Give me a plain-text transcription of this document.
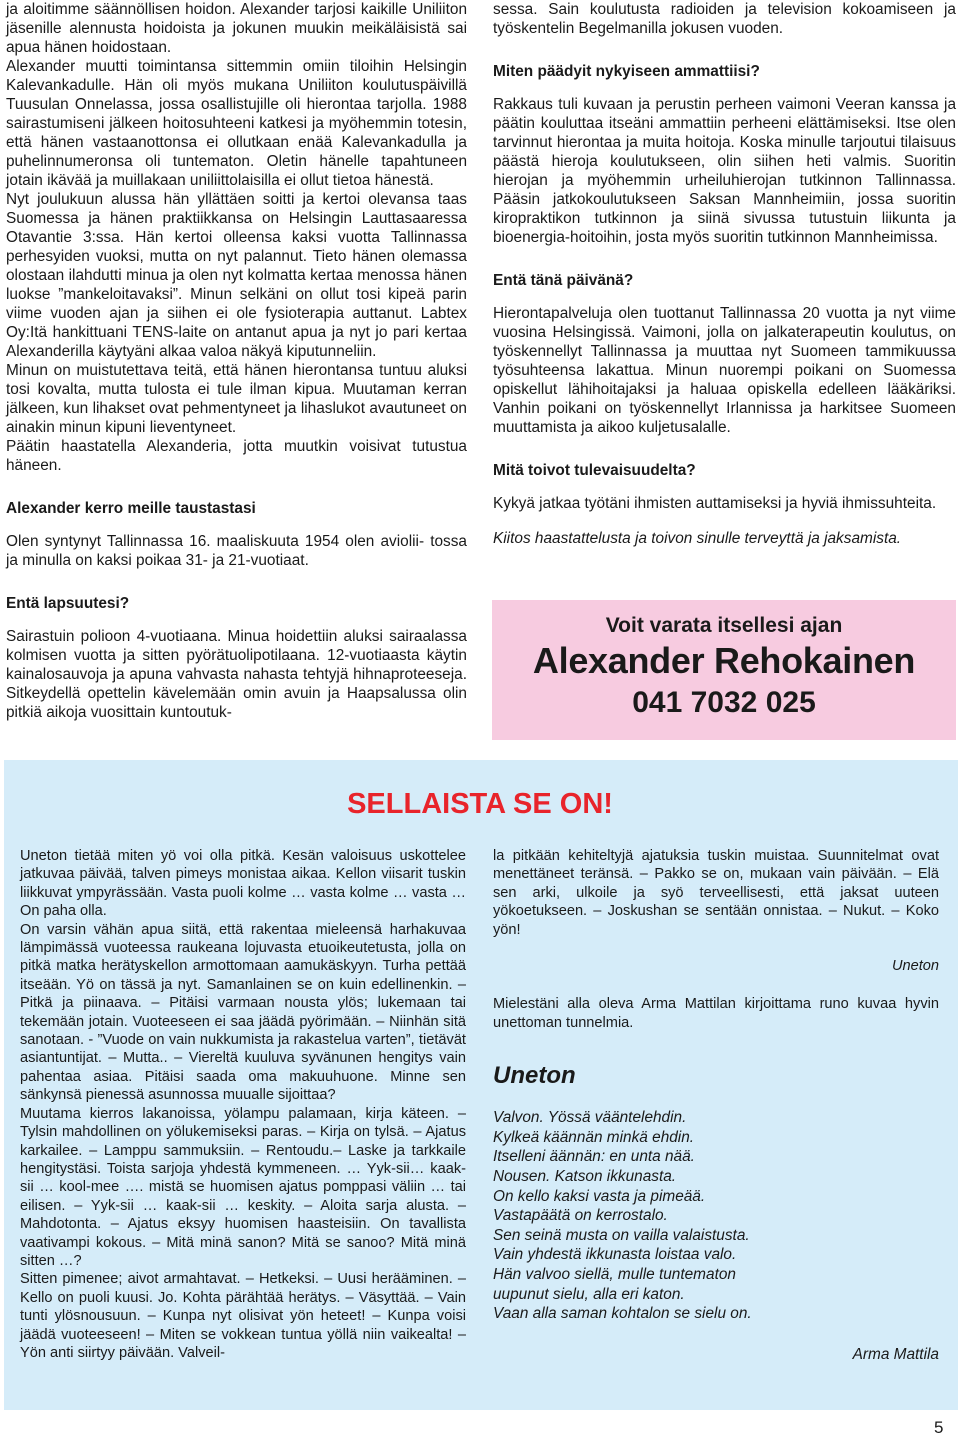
ja aloitimme säännöllisen hoidon. Alexander tarjosi kaikille Uniliiton jäsenille alennusta hoidoista ja jokunen muukin meikäläisistä sai apua hänen hoidostaan.

Alexander muutti toimintansa sittemmin omiin tiloihin Helsingin Kalevankadulle. Hän oli myös mukana Uniliiton koulutuspäivillä Tuusulan Onnelassa, jossa osallistujille oli hierontaa tarjolla. 1988 sairastumiseni jälkeen hoitosuhteeni katkesi ja myöhemmin totesin, että hänen vastaanottonsa ei ollutkaan enää Kalevankadulla ja puhelinnumeronsa oli tuntematon. Oletin hänelle tapahtuneen jotain ikävää ja muillakaan uniliittolaisilla ei ollut tietoa hänestä.

Nyt joulukuun alussa hän yllättäen soitti ja kertoi olevansa taas Suomessa ja hänen praktiikkansa on Helsingin Lauttasaaressa Otavantie 3:ssa. Hän kertoi olleensa kaksi vuotta Tallinnassa perhesyiden vuoksi, mutta on nyt palannut. Tieto hänen olemassa olostaan ilahdutti minua ja olen nyt kolmatta kertaa menossa hänen luokse ”mankeloitavaksi”. Minun selkäni on ollut tosi kipeä parin viime vuoden ajan ja siihen ei ole fysioterapia auttanut. Labtex Oy:Itä hankittuani TENS-laite on antanut apua ja nyt jo pari kertaa Alexanderilla käytyäni alkaa valoa näkyä kiputunneliin.

Minun on muistutettava teitä, että hänen hierontansa tuntuu aluksi tosi kovalta, mutta tulosta ei tule ilman kipua. Muutaman kerran jälkeen, kun lihakset ovat pehmentyneet ja lihaslukot avautuneet on ainakin minun kipuni lieventyneet.

Päätin haastatella Alexanderia, jotta muutkin voisivat tutustua häneen.

Alexander kerro meille taustastasi

Olen syntynyt Tallinnassa 16. maaliskuuta 1954 olen aviolii- tossa ja minulla on kaksi poikaa 31- ja 21-vuotiaat.

Entä lapsuutesi?

Sairastuin polioon 4-vuotiaana. Minua hoidettiin aluksi sairaalassa kolmisen vuotta ja sitten pyörätuolipotilaana. 12-vuotiaasta käytin kainalosauvoja ja apuna vahvasta nahasta tehtyjä hihnaproteeseja. Sitkeydellä opettelin kävelemään omin avuin ja Haapsalussa olin pitkiä aikoja vuosittain kuntoutuk-

sessa. Sain koulutusta radioiden ja television kokoamiseen ja työskentelin Begelmanilla jokusen vuoden.

Miten päädyit nykyiseen ammattiisi?

Rakkaus tuli kuvaan ja perustin perheen vaimoni Veeran kanssa ja päätin kouluttaa itseäni ammattiin perheeni elättämiseksi. Itse olen tarvinnut hierontaa ja muita hoitoja. Koska minulle tarjoutui tilaisuus päästä hieroja koulutukseen, olin siihen heti valmis. Suoritin hierojan ja myöhemmin urheiluhierojan tutkinnon Tallinnassa. Pääsin jatkokoulutukseen Saksan Mannheimiin, jossa suoritin kiropraktikon tutkinnon ja siinä sivussa tutustuin liikunta ja bioenergia-hoitoihin, josta myös suoritin tutkinnon Mannheimissa.

Entä tänä päivänä?

Hierontapalveluja olen tuottanut Tallinnassa 20 vuotta ja nyt viime vuosina Helsingissä. Vaimoni, jolla on jalkaterapeutin koulutus, on työskennellyt Tallinnassa ja muuttaa nyt Suomeen tammikuussa työsuhteensa lakattua. Minun nuorempi poikani on Suomessa opiskellut lähihoitajaksi ja haluaa opiskella edelleen lääkäriksi. Vanhin poikani on työskennellyt Irlannissa ja harkitsee Suomeen muuttamista ja aikoo kuljetusalalle.

Mitä toivot tulevaisuudelta?

Kykyä jatkaa työtäni ihmisten auttamiseksi ja hyviä ihmissuhteita.

Kiitos haastattelusta ja toivon sinulle terveyttä ja jaksamista.

Voit varata itsellesi ajan
Alexander Rehokainen
041 7032 025
SELLAISTA SE ON!

Uneton tietää miten yö voi olla pitkä. Kesän valoisuus uskottelee jatkuvaa päivää, talven pimeys monistaa aikaa. Kellon viisarit tuskin liikkuvat ympyrässään. Vasta puoli kolme … vasta kolme … vasta … On paha olla.

On varsin vähän apua siitä, että rakentaa mieleensä harhakuvaa lämpimässä vuoteessa raukeana lojuvasta etuoikeutetusta, jolla on pitkä matka herätyskellon armottomaan aamukäskyyn. Turha pettää itseään. Yö on tässä ja nyt. Samanlainen se on kuin edellinenkin. – Pitkä ja piinaava. – Pitäisi varmaan nousta ylös; lukemaan tai tekemään jotain. Vuoteeseen ei saa jäädä pyörimään. – Niinhän sitä sanotaan. - ”Vuode on vain nukkumista ja rakastelua varten”, tietävät asiantuntijat. – Mutta.. – Viereltä kuuluva syvänunen hengitys vain pahentaa asiaa. Pitäisi saada oma makuuhuone. Minne sen sänkynsä pienessä asunnossa muualle sijoittaa?

Muutama kierros lakanoissa, yölampu palamaan, kirja käteen. – Tylsin mahdollinen on yölukemiseksi paras. – Kirja on tylsä. – Ajatus karkailee. – Lamppu sammuksiin. – Rentoudu.– Laske ja tarkkaile hengitystäsi. Toista sarjoja yhdestä kymmeneen. … Yyk-sii… kaak-sii … kool-mee …. mistä se huomisen ajatus pomppasi väliin … tai eilisen. – Yyk-sii … kaak-sii … keskity. – Aloita sarja alusta. – Mahdotonta. – Ajatus eksyy huomisen haasteisiin. On tavallista vaativampi kokous. – Mitä minä sanon? Mitä se sanoo? Mitä minä sitten …?

Sitten pimenee; aivot armahtavat. – Hetkeksi. – Uusi herääminen. – Kello on puoli kuusi. Jo. Kohta pärähtää herätys. – Väsyttää. – Vain tunti ylösnousuun. – Kunpa nyt olisivat yön heteet! – Kunpa voisi jäädä vuoteeseen! – Miten se vokkean tuntua yöllä niin vaikealta! – Yön anti siirtyy päivään. Valveil-

la pitkään kehiteltyjä ajatuksia tuskin muistaa. Suunnitelmat ovat menettäneet teränsä. – Pakko se on, mukaan vain päivään. – Elä sen arki, ulkoile ja syö terveellisesti, että jaksat uuteen yökoetukseen. – Joskushan se sentään onnistaa. – Nukut. – Koko yön!

Uneton

Mielestäni alla oleva Arma Mattilan kirjoittama runo kuvaa hyvin unettoman tunnelmia.

Uneton

Valvon. Yössä vääntelehdin.

Kylkeä käännän minkä ehdin.

Itselleni äännän: en unta nää.

Nousen. Katson ikkunasta.

On kello kaksi vasta ja pimeää.

Vastapäätä on kerrostalo.

Sen seinä musta on vailla valaistusta.

Vain yhdestä ikkunasta loistaa valo.

Hän valvoo siellä, mulle tuntematon

uupunut sielu, alla eri katon.

Vaan alla saman kohtalon se sielu on.

Arma Mattila
5
